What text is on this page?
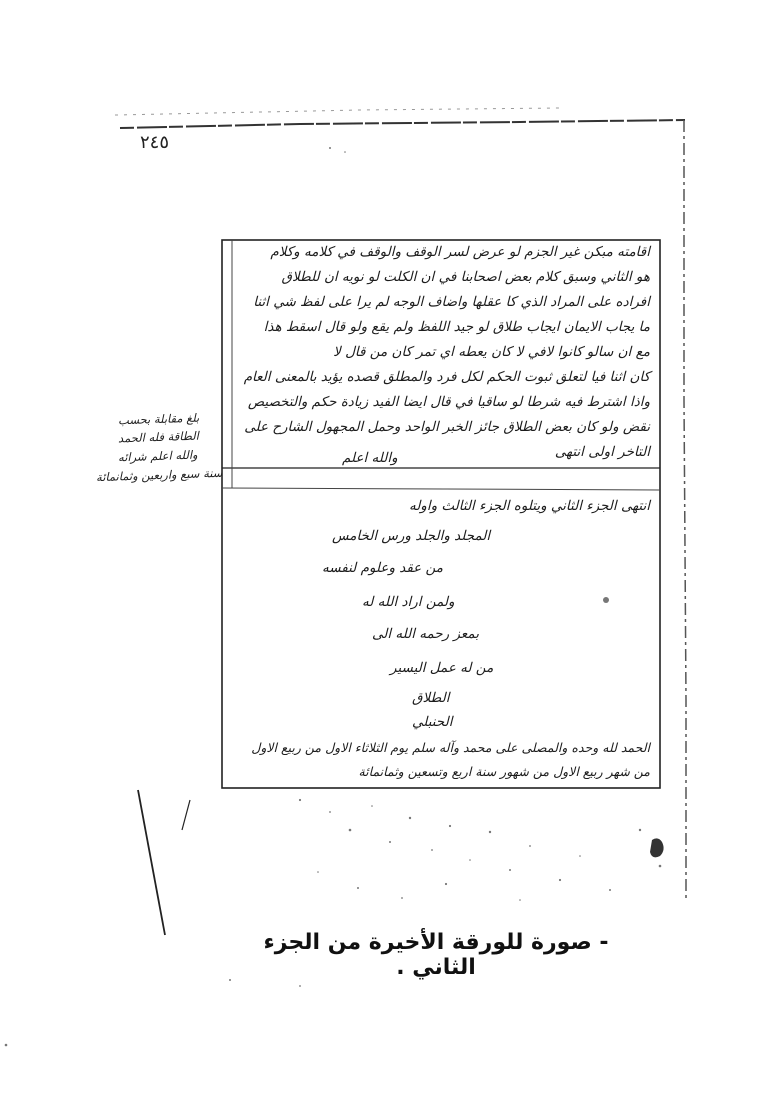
٢٤٥
اقامته مبكن غير الجزم لو عرض لسر الوقف والوقف في كلامه وكلام
هو الثاني وسبق كلام بعض اصحابنا في ان الكلت لو نويه ان للطلاق
افراده على المراد الذي كا عقلها واضاف الوجه لم يرا على لفظ شي اثنا
ما يجاب الايمان ايجاب طلاق لو جيد اللفظ ولم يقع ولو قال اسقط هذا
مع ان سالو كانوا لافي لا كان يعطه اي تمر كان من قال لا
كان اثنا فيا لتعلق ثبوت الحكم لكل فرد والمطلق قصده يؤيد بالمعنى العام
واذا اشترط فيه شرطا لو ساقيا في قال ايضا الفيد زيادة حكم والتخصيص
نقض ولو كان بعض الطلاق جائز الخبر الواحد وحمل المجهول الشارح على
التاخر اولى انتهى
والله اعلم
انتهى الجزء الثاني ويتلوه الجزء الثالث واوله
المجلد والجلد ورس الخامس
من عقد وعلوم لنفسه
ولمن اراد الله له
بمعز رحمه الله الى
من له عمل اليسير
الطلاق
الحنبلي
الحمد لله وحده والمصلى على محمد وآله سلم يوم الثلاثاء الاول من ربيع الاول
من شهر ربيع الاول من شهور سنة اربع وتسعين وثمانمائة
بلغ مقابلة بحسب
الطاقة فله الحمد
والله اعلم شرائه
سنة سبع واربعين وثمانمائة
- صورة للورقة الأخيرة من الجزء الثاني .
